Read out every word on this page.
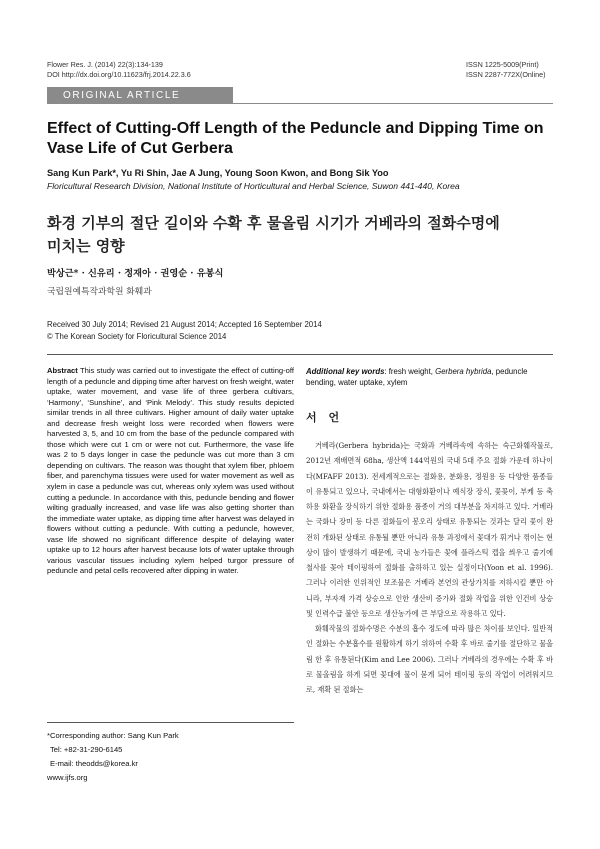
Flower Res. J. (2014) 22(3):134-139
DOI http://dx.doi.org/10.11623/frj.2014.22.3.6
ISSN 1225-5009(Print)
ISSN 2287-772X(Online)
ORIGINAL ARTICLE
Effect of Cutting-Off Length of the Peduncle and Dipping Time on Vase Life of Cut Gerbera
Sang Kun Park*, Yu Ri Shin, Jae A Jung, Young Soon Kwon, and Bong Sik Yoo
Floricultural Research Division, National Institute of Horticultural and Herbal Science, Suwon 441-440, Korea
화경 기부의 절단 길이와 수확 후 물올림 시기가 거베라의 절화수명에
미치는 영향
박상근* · 신유리 · 정재아 · 권영순 · 유봉식
국립원예특작과학원 화훼과
Received 30 July 2014; Revised 21 August 2014; Accepted 16 September 2014
© The Korean Society for Floricultural Science 2014
Abstract This study was carried out to investigate the effect of cutting-off length of a peduncle and dipping time after harvest on fresh weight, water uptake, water movement, and vase life of three gerbera cultivars, ‘Harmony’, ‘Sunshine’, and ‘Pink Melody’. This study results depicted similar trends in all three cultivars. Higher amount of daily water uptake and decrease fresh weight loss were recorded when flowers were harvested 3, 5, and 10 cm from the base of the peduncle compared with those which were cut 1 cm or were not cut. Furthermore, the vase life was 2 to 5 days longer in case the peduncle was cut more than 3 cm depending on cultivars. The reason was thought that xylem fiber, phloem fiber, and parenchyma tissues were used for water movement as well as xylem in case a peduncle was cut, whereas only xylem was used without cutting a peduncle. In accordance with this, peduncle bending and flower wilting gradually increased, and vase life was also getting shorter than the immediate water uptake, as dipping time after harvest was delayed in flowers without cutting a peduncle. With cutting a peduncle, however, vase life showed no significant difference despite of delaying water uptake up to 12 hours after harvest because lots of water uptake through various vascular tissues including xylem helped turgor pressure of peduncle and petal cells recovered after dipping in water.
*Corresponding author: Sang Kun Park
Tel: +82-31-290-6145
E-mail: theodds@korea.kr
www.ijfs.org
Additional key words: fresh weight, Gerbera hybrida, peduncle bending, water uptake, xylem
서 언

거베라(Gerbera hybrida)는 국화과 거베라속에 속하는 숙근화훼작물로, 2012년 재배면적 68ha, 생산액 144억원의 국내 5대 주요 절화 가운데 하나이다(MFAFF 2013). 전세계적으로는 절화용, 분화용, 정원용 등 다양한 품종들이 유통되고 있으나, 국내에서는 대형화환이나 예식장 장식, 꽃꽂이, 부케 등 축하용 화환을 장식하기 위한 절화용 품종이 거의 대부분을 차지하고 있다. 거베라는 국화나 장미 등 다른 절화들이 봉오리 상태로 유통되는 것과는 달리 꽃이 완전히 개화된 상태로 유통될 뿐만 아니라 유통 과정에서 꽃대가 휘거나 꺾이는 현상이 많이 발생하기 때문에, 국내 농가들은 꽃에 플라스틱 캡을 씌우고 줄기에 철사를 꽂아 테이핑하여 절화를 출하하고 있는 실정이다(Yoon et al. 1996). 그러나 이러한 인위적인 보조물은 거베라 본연의 관상가치를 저하시킬 뿐만 아니라, 부자재 가격 상승으로 인한 생산비 증가와 절화 작업을 위한 인건비 상승 및 인력수급 불안 등으로 생산농가에 큰 부담으로 작용하고 있다.

화훼작물의 절화수명은 수분의 흡수 정도에 따라 많은 차이를 보인다. 일반적인 절화는 수분흡수를 원활하게 하기 위하여 수확 후 바로 줄기를 절단하고 물올림 한 후 유통된다(Kim and Lee 2006). 그러나 거베라의 경우에는 수확 후 바로 물올림을 하게 되면 꽃대에 물이 묻게 되어 테이핑 등의 작업이 어려워지므로, 재확 된 절화는
